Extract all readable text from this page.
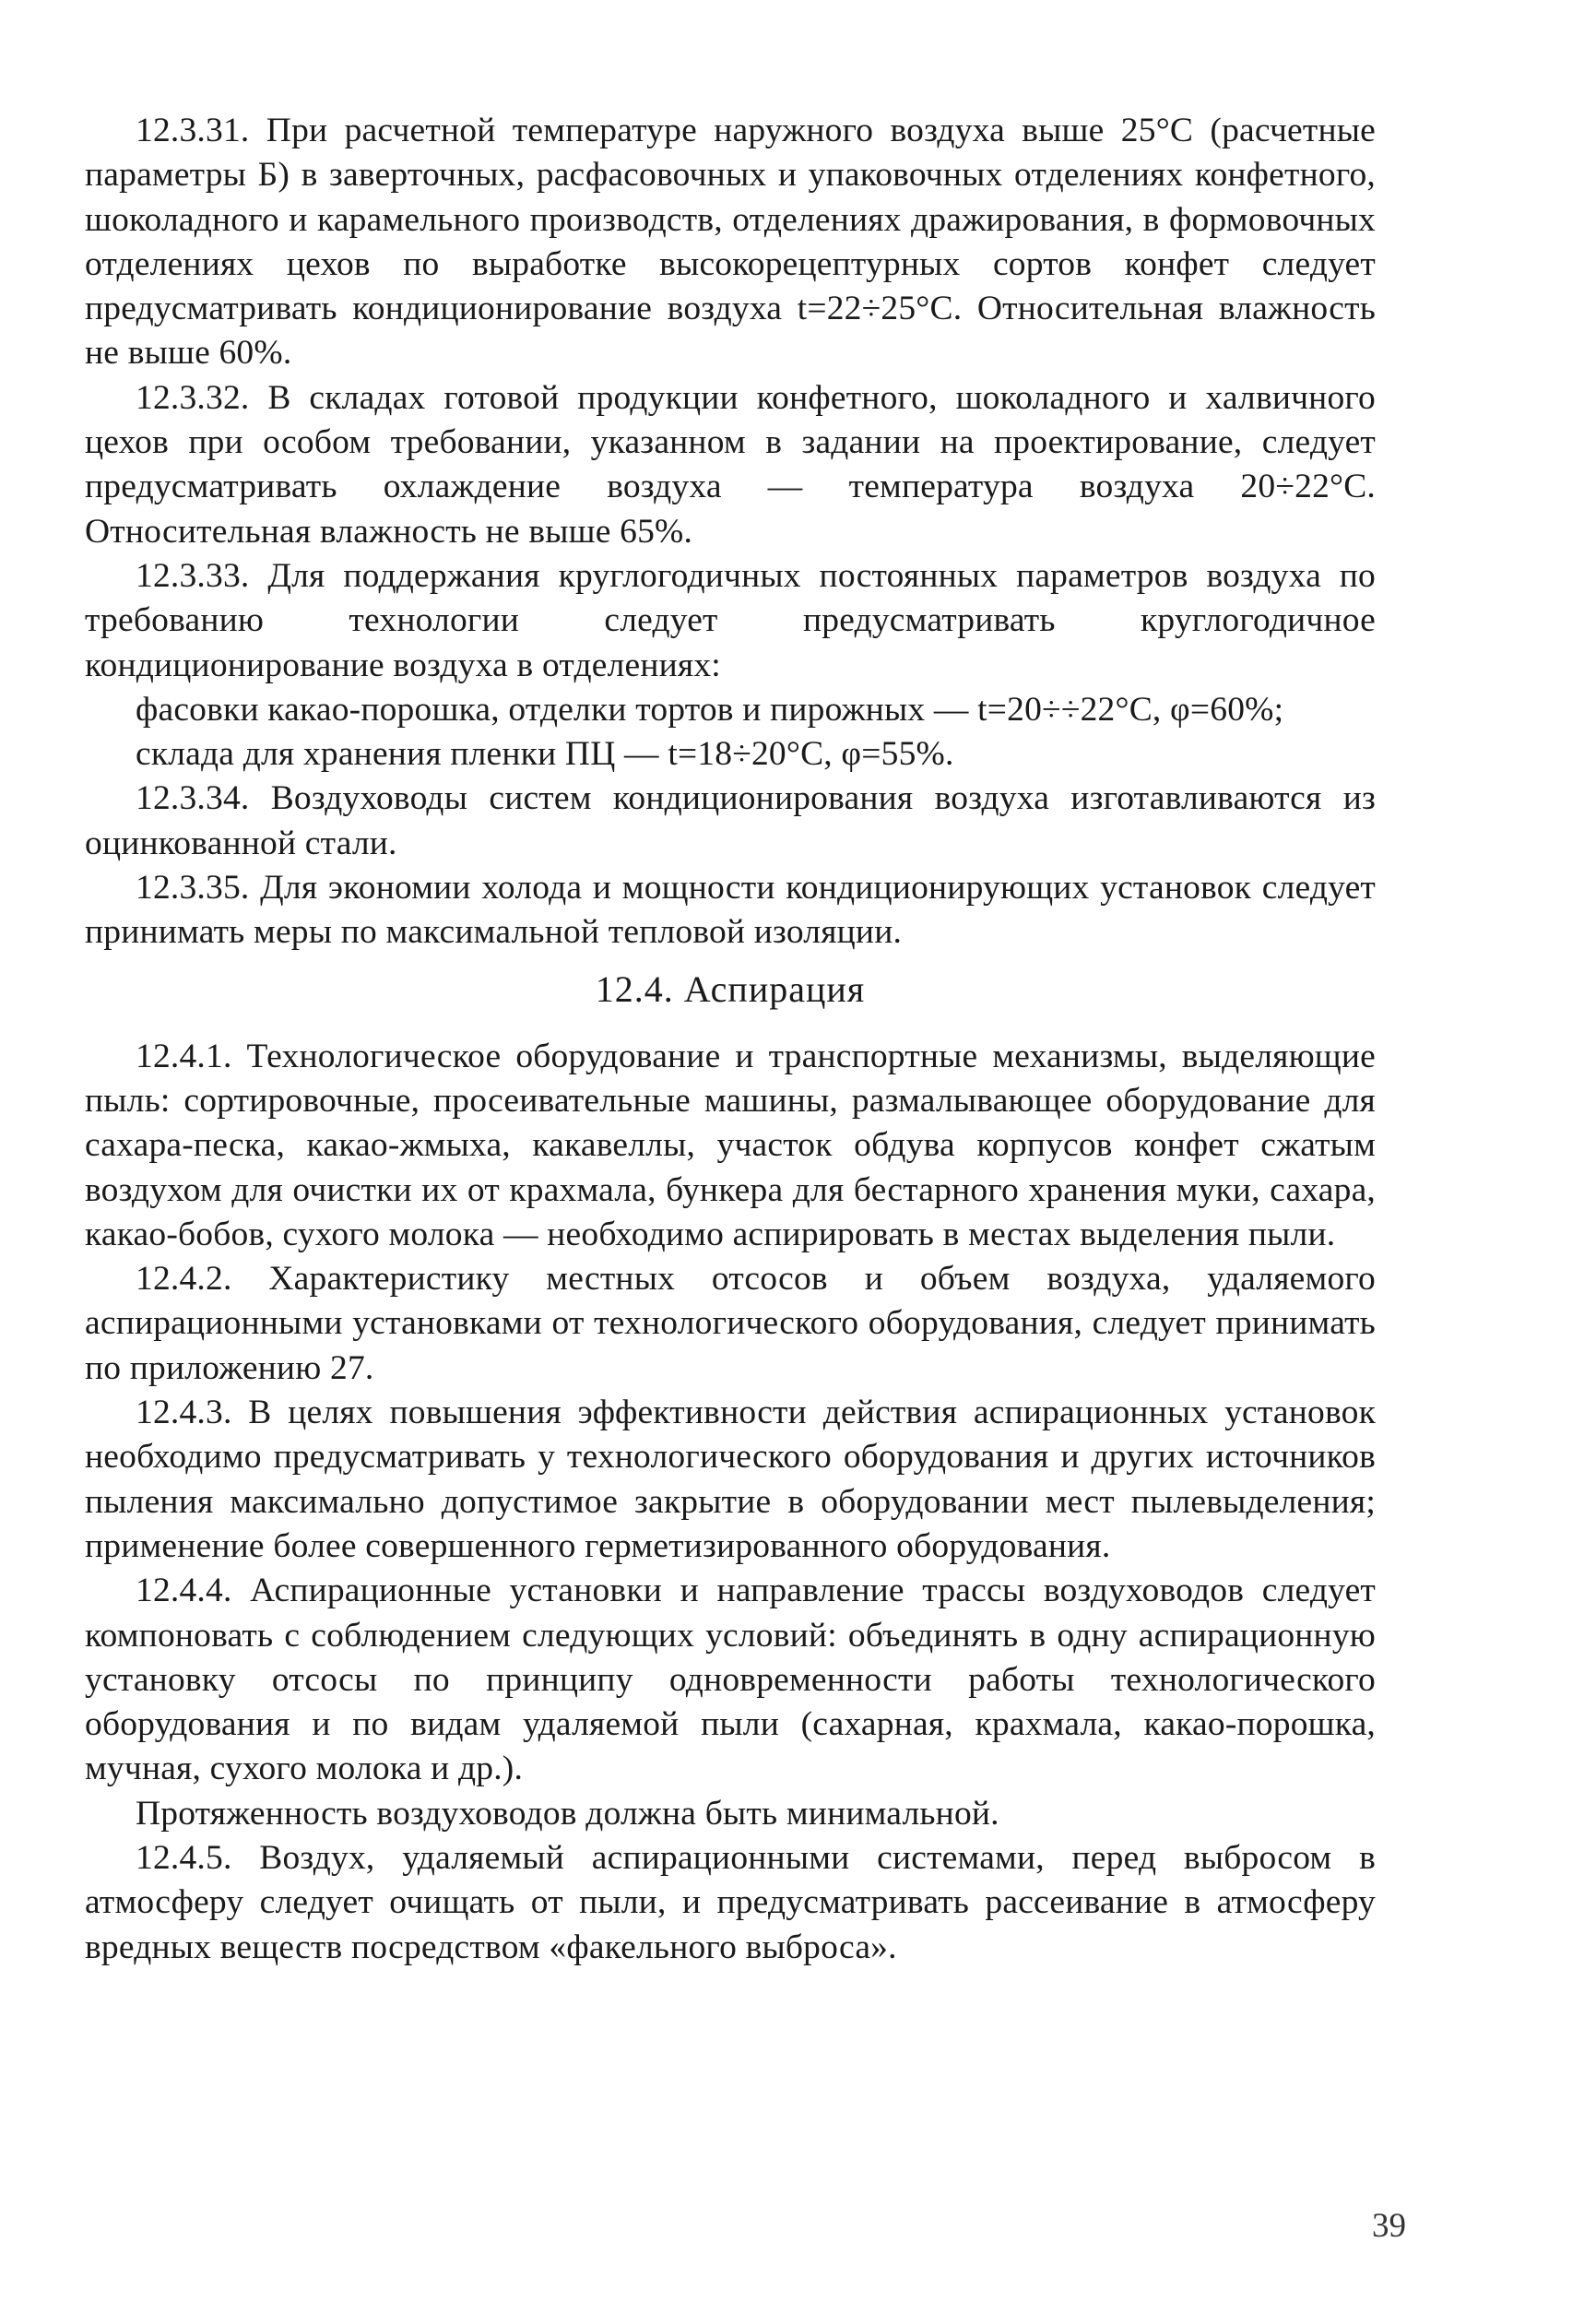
12.3.31. При расчетной температуре наружного воздуха выше 25°С (расчетные параметры Б) в заверточных, расфасовочных и упаковочных отделениях конфетного, шоколадного и карамельного производств, отделениях дражирования, в формовочных отделениях цехов по выработке высокорецептурных сортов конфет следует предусматривать кондиционирование воздуха t=22÷25°С. Относительная влажность не выше 60%.

12.3.32. В складах готовой продукции конфетного, шоколадного и халвичного цехов при особом требовании, указанном в задании на проектирование, следует предусматривать охлаждение воздуха — температура воздуха 20÷22°С. Относительная влажность не выше 65%.

12.3.33. Для поддержания круглогодичных постоянных параметров воздуха по требованию технологии следует предусматривать круглогодичное кондиционирование воздуха в отделениях:

фасовки какао-порошка, отделки тортов и пирожных — t=20÷÷22°С, φ=60%;

склада для хранения пленки ПЦ — t=18÷20°С, φ=55%.

12.3.34. Воздуховоды систем кондиционирования воздуха изготавливаются из оцинкованной стали.

12.3.35. Для экономии холода и мощности кондиционирующих установок следует принимать меры по максимальной тепловой изоляции.

12.4. Аспирация

12.4.1. Технологическое оборудование и транспортные механизмы, выделяющие пыль: сортировочные, просеивательные машины, размалывающее оборудование для сахара-песка, какао-жмыха, какавеллы, участок обдува корпусов конфет сжатым воздухом для очистки их от крахмала, бункера для бестарного хранения муки, сахара, какао-бобов, сухого молока — необходимо аспирировать в местах выделения пыли.

12.4.2. Характеристику местных отсосов и объем воздуха, удаляемого аспирационными установками от технологического оборудования, следует принимать по приложению 27.

12.4.3. В целях повышения эффективности действия аспирационных установок необходимо предусматривать у технологического оборудования и других источников пыления максимально допустимое закрытие в оборудовании мест пылевыделения; применение более совершенного герметизированного оборудования.

12.4.4. Аспирационные установки и направление трассы воздуховодов следует компоновать с соблюдением следующих условий: объединять в одну аспирационную установку отсосы по принципу одновременности работы технологического оборудования и по видам удаляемой пыли (сахарная, крахмала, какао-порошка, мучная, сухого молока и др.).

Протяженность воздуховодов должна быть минимальной.

12.4.5. Воздух, удаляемый аспирационными системами, перед выбросом в атмосферу следует очищать от пыли, и предусматривать рассеивание в атмосферу вредных веществ посредством «факельного выброса».

39
